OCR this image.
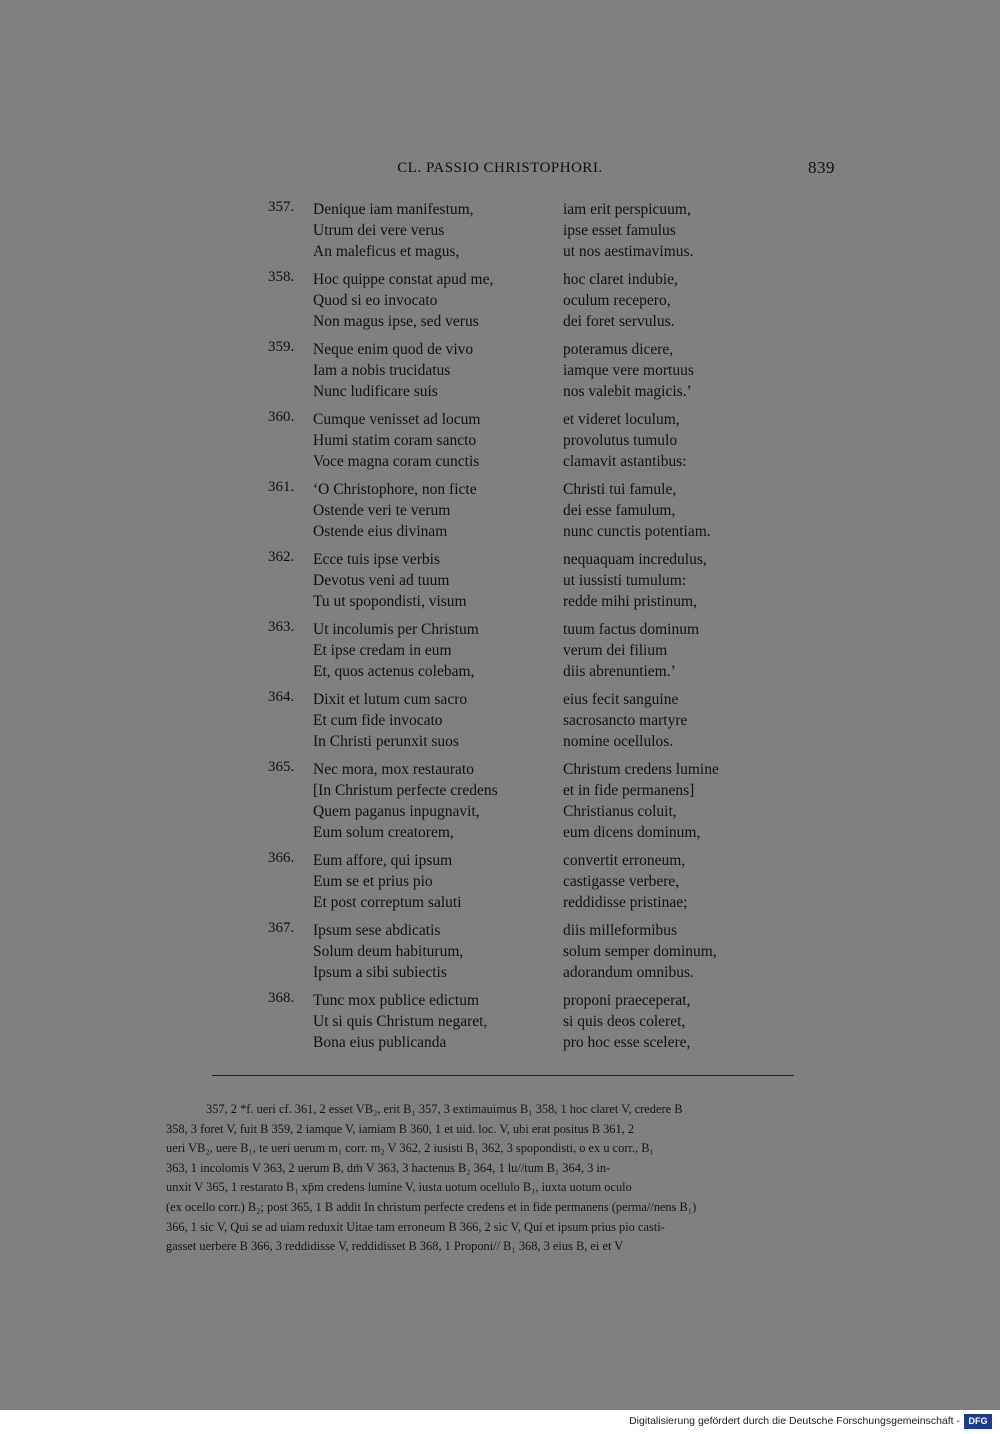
CL. PASSIO CHRISTOPHORI.	839
357.	Denique iam manifestum,	iam erit perspicuum,
Utrum dei vere verus	ipse esset famulus
An maleficus et magus,	ut nos aestimavimus.
358.	Hoc quippe constat apud me,	hoc claret indubie,
Quod si eo invocato	oculum recepero,
Non magus ipse, sed verus	dei foret servulus.
359.	Neque enim quod de vivo	poteramus dicere,
Iam a nobis trucidatus	iamque vere mortuus
Nunc ludificare suis	nos valebit magicis.’
360.	Cumque venisset ad locum	et videret loculum,
Humi statim coram sancto	provolutus tumulo
Voce magna coram cunctis	clamavit astantibus:
361.	‘O Christophore, non ficte	Christi tui famule,
Ostende veri te verum	dei esse famulum,
Ostende eius divinam	nunc cunctis potentiam.
362.	Ecce tuis ipse verbis	nequaquam incredulus,
Devotus veni ad tuum	ut iussisti tumulum:
Tu ut spopondisti, visum	redde mihi pristinum,
363.	Ut incolumis per Christum	tuum factus dominum
Et ipse credam in eum	verum dei filium
Et, quos actenus colebam,	diis abrenuntiem.’
364.	Dixit et lutum cum sacro	eius fecit sanguine
Et cum fide invocato	sacrosancto martyre
In Christi perunxit suos	nomine ocellulos.
365.	Nec mora, mox restaurato	Christum credens lumine
[In Christum perfecte credens	et in fide permanens]
Quem paganus inpugnavit,	Christianus coluit,
Eum solum creatorem,	eum dicens dominum,
366.	Eum affore, qui ipsum	convertit erroneum,
Eum se et prius pio	castigasse verbere,
Et post correptum saluti	reddidisse pristinae;
367.	Ipsum sese abdicatis	diis milleformibus
Solum deum habiturum,	solum semper dominum,
Ipsum a sibi subiectis	adorandum omnibus.
368.	Tunc mox publice edictum	proponi praeceperat,
Ut si quis Christum negaret,	si quis deos coleret,
Bona eius publicanda	pro hoc esse scelere,
357, 2 *f. ueri cf. 361, 2 esset VB₂, erit B₁ 357, 3 extimauimus B₁ 358, 1 hoc claret V, credere B
358, 3 foret V, fuit B 359, 2 iamque V, iamiam B 360, 1 et uid. loc. V, ubi erat positus B 361, 2
ueri VB₂, uere B₁, te ueri uerum m₁ corr. m₂ V 362, 2 iusisti B₁ 362, 3 spopondisti, o ex u corr., B₁
363, 1 incolomis V 363, 2 uerum B, dm̄ V 363, 3 hactenus B₂ 364, 1 lu//tum B₁ 364, 3 in-
unxit V 365, 1 restarato B₁ xp̄m credens lumine V, iusta uotum ocellulo B₁, iuxta uotum oculo
(ex ocello corr.) B₂; post 365, 1 B addit In christum perfecte credens et in fide permanens (perma//nens B₁)
366, 1 sic V, Qui se ad uiam reduxit Uitae tam erroneum B 366, 2 sic V, Qui et ipsum prius pio casti-
gasset uerbere B 366, 3 reddidisse V, reddidisset B 368, 1 Proponi// B₁ 368, 3 eius B, ei et V
Digitalisierung gefördert durch die Deutsche Forschungsgemeinschaft - DFG
